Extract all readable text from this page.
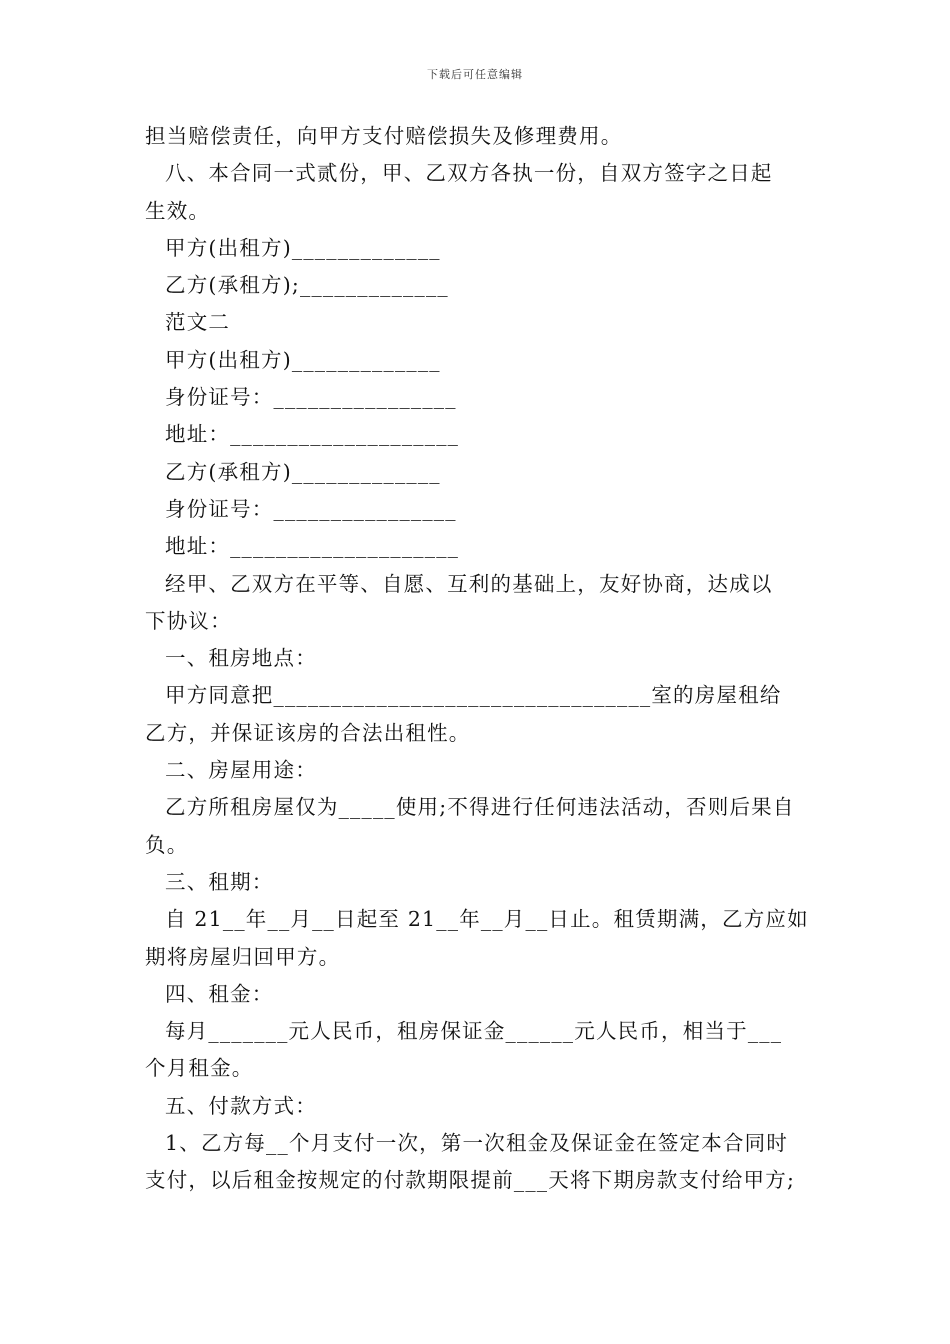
下载后可任意编辑
担当赔偿责任，向甲方支付赔偿损失及修理费用。
八、本合同一式贰份，甲、乙双方各执一份，自双方签字之日起
生效。
甲方(出租方)_____________
乙方(承租方);_____________
范文二
甲方(出租方)_____________
身份证号：________________
地址：____________________
乙方(承租方)_____________
身份证号：________________
地址：____________________
经甲、乙双方在平等、自愿、互利的基础上，友好协商，达成以
下协议：
一、租房地点：
甲方同意把_________________________________室的房屋租给
乙方，并保证该房的合法出租性。
二、房屋用途：
乙方所租房屋仅为_____使用;不得进行任何违法活动，否则后果自
负。
三、租期：
自 21__年__月__日起至 21__年__月__日止。租赁期满，乙方应如
期将房屋归回甲方。
四、租金：
每月_______元人民币，租房保证金______元人民币，相当于___
个月租金。
五、付款方式：
1、乙方每__个月支付一次，第一次租金及保证金在签定本合同时
支付，以后租金按规定的付款期限提前___天将下期房款支付给甲方;
